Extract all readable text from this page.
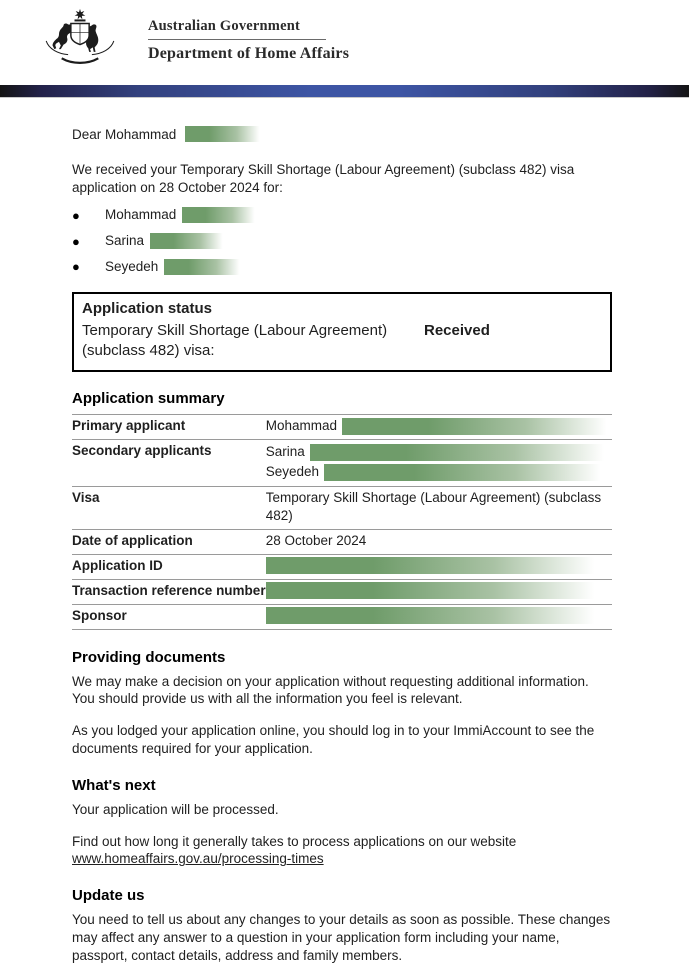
Australian Government
Department of Home Affairs
Dear Mohammad

We received your Temporary Skill Shortage (Labour Agreement) (subclass 482) visa application on 28 October 2024 for:

●	Mohammad
●	Sarina
●	Seyedeh
Application status
Temporary Skill Shortage (Labour Agreement) (subclass 482) visa:
Received
Application summary
Primary applicant	Mohammad

Secondary applicants	Sarina
Seyedeh

Visa	Temporary Skill Shortage (Labour Agreement) (subclass 482)
Date of application	28 October 2024
Application ID	

Transaction reference number	

Sponsor	
Providing documents

We may make a decision on your application without requesting additional information. You should provide us with all the information you feel is relevant.

As you lodged your application online, you should log in to your ImmiAccount to see the documents required for your application.

What's next

Your application will be processed.

Find out how long it generally takes to process applications on our website
www.homeaffairs.gov.au/processing-times

Update us

You need to tell us about any changes to your details as soon as possible. These changes may affect any answer to a question in your application form including your name, passport, contact details, address and family members.
